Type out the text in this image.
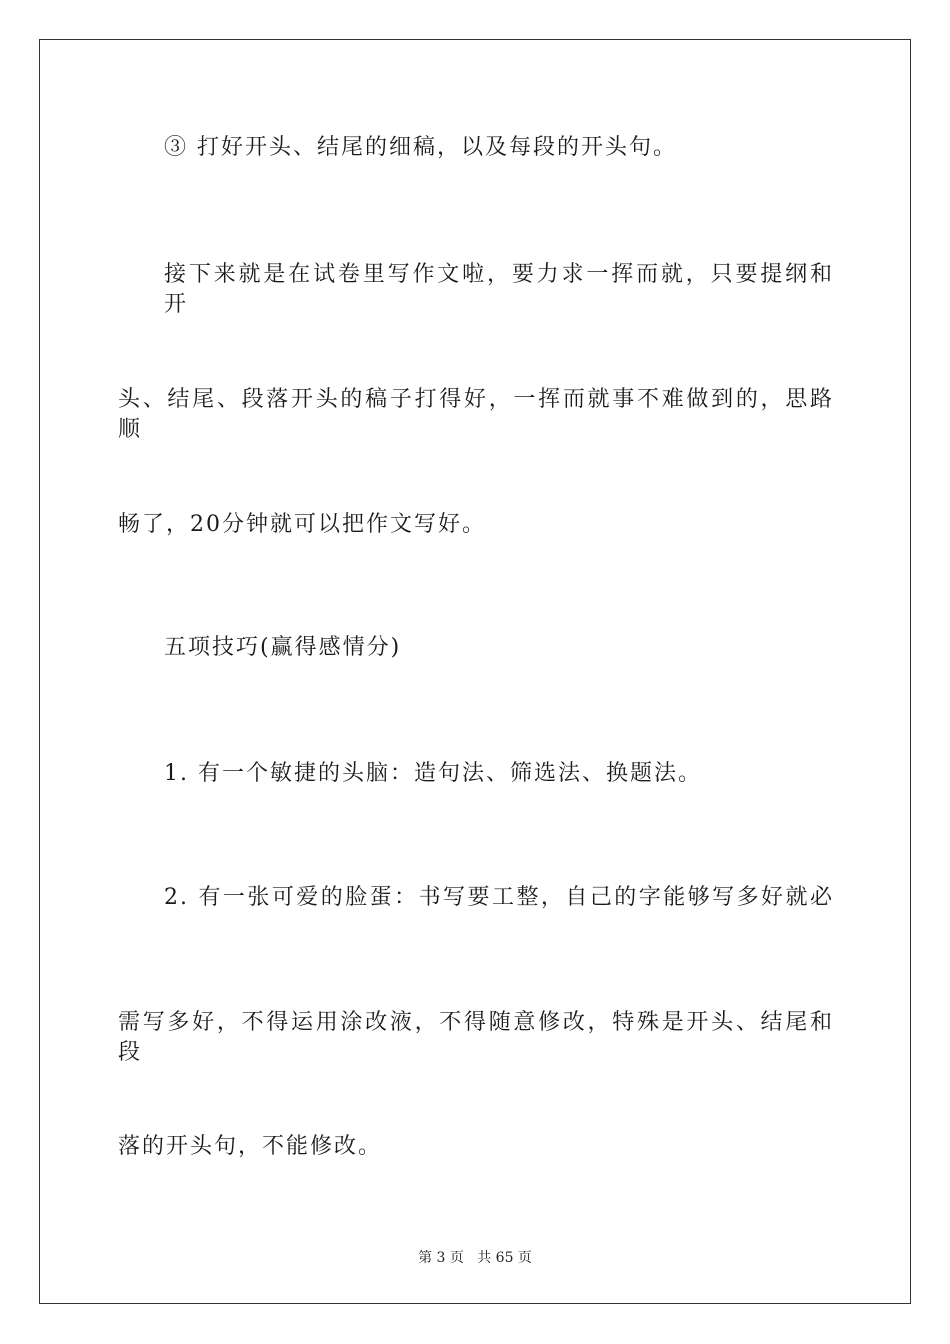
③ 打好开头、结尾的细稿，以及每段的开头句。
接下来就是在试卷里写作文啦，要力求一挥而就，只要提纲和开
头、结尾、段落开头的稿子打得好，一挥而就事不难做到的，思路顺
畅了，20分钟就可以把作文写好。
五项技巧(赢得感情分)
1. 有一个敏捷的头脑：造句法、筛选法、换题法。
2. 有一张可爱的脸蛋：书写要工整，自己的字能够写多好就必
需写多好，不得运用涂改液，不得随意修改，特殊是开头、结尾和段
落的开头句，不能修改。
第 3 页   共 65 页
